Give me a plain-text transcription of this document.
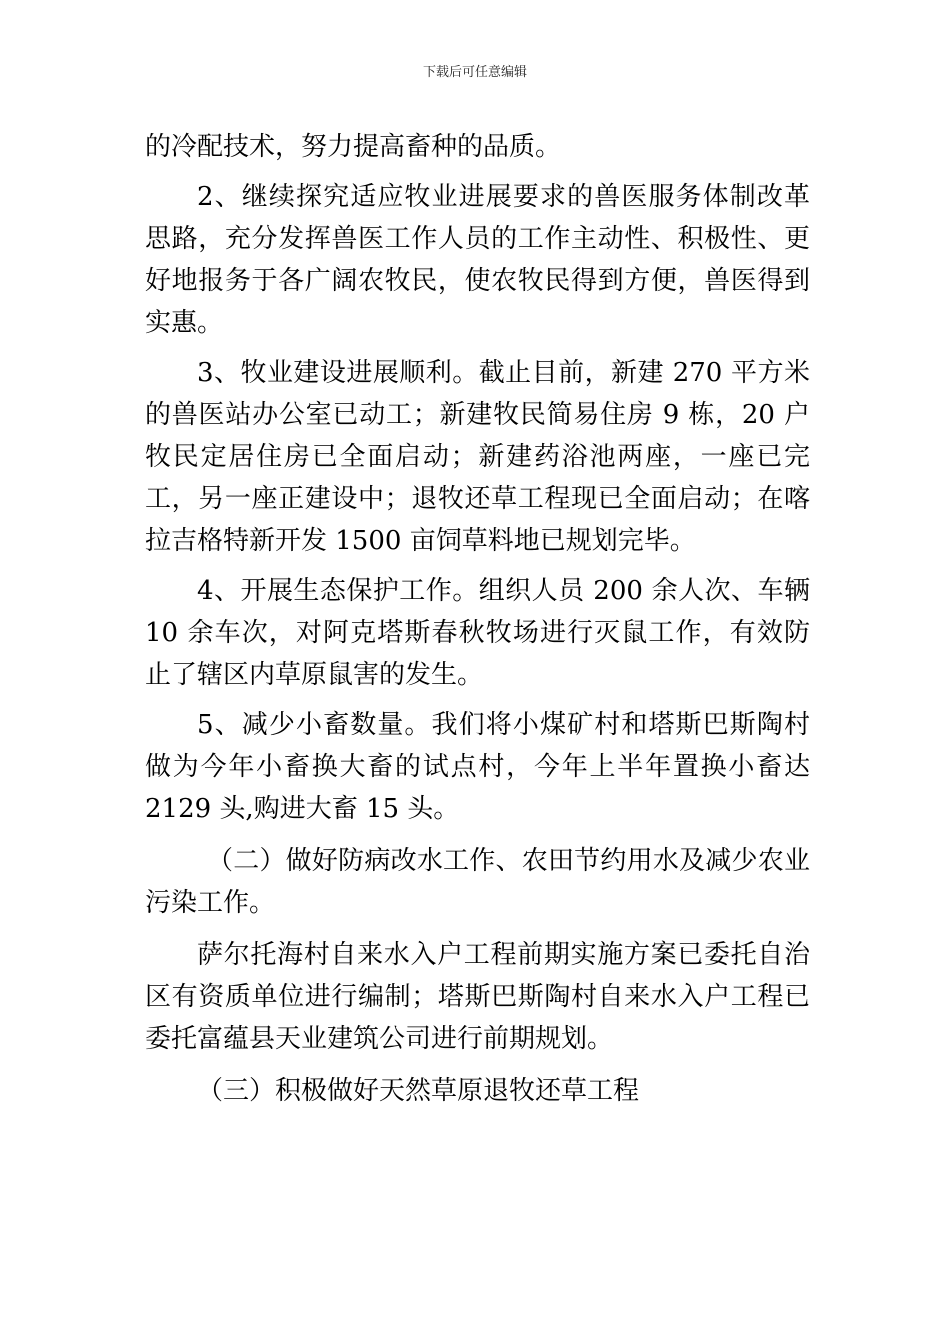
下载后可任意编辑

的冷配技术，努力提高畜种的品质。

2、继续探究适应牧业进展要求的兽医服务体制改革思路，充分发挥兽医工作人员的工作主动性、积极性、更好地报务于各广阔农牧民，使农牧民得到方便，兽医得到实惠。

3、牧业建设进展顺利。截止目前，新建 270 平方米的兽医站办公室已动工；新建牧民简易住房 9 栋，20 户牧民定居住房已全面启动；新建药浴池两座，一座已完工，另一座正建设中；退牧还草工程现已全面启动；在喀拉吉格特新开发 1500 亩饲草料地已规划完毕。

4、开展生态保护工作。组织人员 200 余人次、车辆 10 余车次，对阿克塔斯春秋牧场进行灭鼠工作，有效防止了辖区内草原鼠害的发生。

5、减少小畜数量。我们将小煤矿村和塔斯巴斯陶村做为今年小畜换大畜的试点村，今年上半年置换小畜达 2129 头,购进大畜 15 头。

（二）做好防病改水工作、农田节约用水及减少农业污染工作。

萨尔托海村自来水入户工程前期实施方案已委托自治区有资质单位进行编制；塔斯巴斯陶村自来水入户工程已委托富蕴县天业建筑公司进行前期规划。

（三）积极做好天然草原退牧还草工程
